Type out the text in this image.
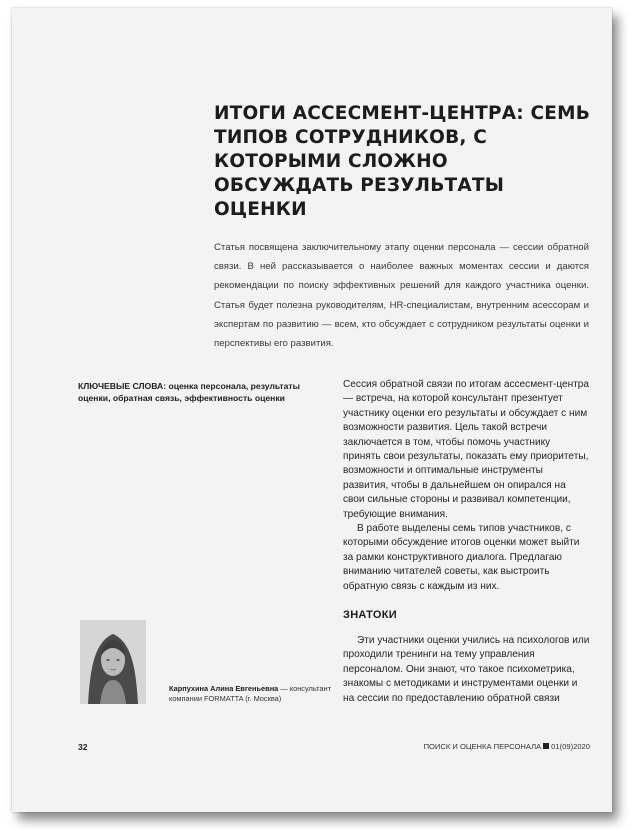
ИТОГИ АССЕСМЕНТ-ЦЕНТРА: СЕМЬ ТИПОВ СОТРУДНИКОВ, С КОТОРЫМИ СЛОЖНО ОБСУЖДАТЬ РЕЗУЛЬТАТЫ ОЦЕНКИ

Статья посвящена заключительному этапу оценки персонала — сессии обратной связи. В ней рассказывается о наиболее важных моментах сессии и даются рекомендации по поиску эффективных решений для каждого участника оценки. Статья будет полезна руководителям, HR-специалистам, внутренним асессорам и экспертам по развитию — всем, кто обсуждает с сотрудником результаты оценки и перспективы его развития.

КЛЮЧЕВЫЕ СЛОВА: оценка персонала, результаты оценки, обратная связь, эффективность оценки

Сессия обратной связи по итогам ассесмент-центра — встреча, на которой консультант презентует участнику оценки его результаты и обсуждает с ним возможности развития. Цель такой встречи заключается в том, чтобы помочь участнику принять свои результаты, показать ему приоритеты, возможности и оптимальные инструменты развития, чтобы в дальнейшем он опирался на свои сильные стороны и развивал компетенции, требующие внимания.

В работе выделены семь типов участников, с которыми обсуждение итогов оценки может выйти за рамки конструктивного диалога. Предлагаю вниманию читателей советы, как выстроить обратную связь с каждым из них.

ЗНАТОКИ

Эти участники оценки учились на психологов или проходили тренинги на тему управления персоналом. Они знают, что такое психометрика, знакомы с методиками и инструментами оценки и на сессии по предоставлению обратной связи

Карпухина Алина Евгеньевна — консультант компании FORMATTA (г. Москва)

32	ПОИСК И ОЦЕНКА ПЕРСОНАЛА 01(09)2020
